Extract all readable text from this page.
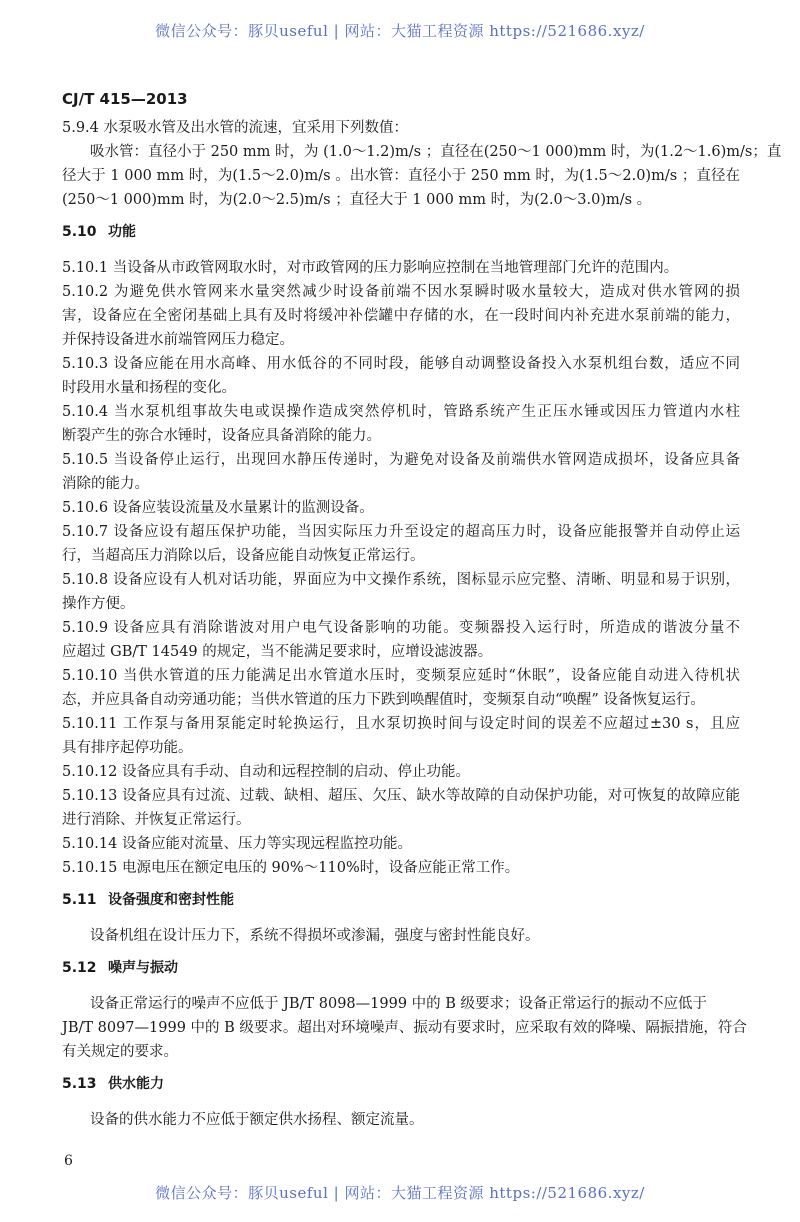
微信公众号：豚贝useful | 网站：大猫工程资源 https://521686.xyz/
CJ/T 415—2013
5.9.4 水泵吸水管及出水管的流速，宜采用下列数值：
吸水管：直径小于 250 mm 时，为 (1.0～1.2)m/s ；直径在(250～1 000)mm 时，为(1.2～1.6)m/s；直
径大于 1 000 mm 时，为(1.5～2.0)m/s 。出水管：直径小于 250 mm 时，为(1.5～2.0)m/s ；直径在
(250～1 000)mm 时，为(2.0～2.5)m/s ；直径大于 1 000 mm 时，为(2.0～3.0)m/s 。
5.10 功能
5.10.1 当设备从市政管网取水时，对市政管网的压力影响应控制在当地管理部门允许的范围内。
5.10.2 为避免供水管网来水量突然减少时设备前端不因水泵瞬时吸水量较大，造成对供水管网的损
害，设备应在全密闭基础上具有及时将缓冲补偿罐中存储的水，在一段时间内补充进水泵前端的能力，
并保持设备进水前端管网压力稳定。
5.10.3 设备应能在用水高峰、用水低谷的不同时段，能够自动调整设备投入水泵机组台数，适应不同
时段用水量和扬程的变化。
5.10.4 当水泵机组事故失电或误操作造成突然停机时，管路系统产生正压水锤或因压力管道内水柱
断裂产生的弥合水锤时，设备应具备消除的能力。
5.10.5 当设备停止运行，出现回水静压传递时，为避免对设备及前端供水管网造成损坏，设备应具备
消除的能力。
5.10.6 设备应装设流量及水量累计的监测设备。
5.10.7 设备应设有超压保护功能，当因实际压力升至设定的超高压力时，设备应能报警并自动停止运
行，当超高压力消除以后，设备应能自动恢复正常运行。
5.10.8 设备应设有人机对话功能，界面应为中文操作系统，图标显示应完整、清晰、明显和易于识别，
操作方便。
5.10.9 设备应具有消除谐波对用户电气设备影响的功能。变频器投入运行时，所造成的谐波分量不
应超过 GB/T 14549 的规定，当不能满足要求时，应增设滤波器。
5.10.10 当供水管道的压力能满足出水管道水压时，变频泵应延时“休眠”，设备应能自动进入待机状
态，并应具备自动旁通功能；当供水管道的压力下跌到唤醒值时，变频泵自动“唤醒” 设备恢复运行。
5.10.11 工作泵与备用泵能定时轮换运行，且水泵切换时间与设定时间的误差不应超过±30 s，且应
具有排序起停功能。
5.10.12 设备应具有手动、自动和远程控制的启动、停止功能。
5.10.13 设备应具有过流、过载、缺相、超压、欠压、缺水等故障的自动保护功能，对可恢复的故障应能
进行消除、并恢复正常运行。
5.10.14 设备应能对流量、压力等实现远程监控功能。
5.10.15 电源电压在额定电压的 90%～110%时，设备应能正常工作。
5.11 设备强度和密封性能
设备机组在设计压力下，系统不得损坏或渗漏，强度与密封性能良好。
5.12 噪声与振动
设备正常运行的噪声不应低于 JB/T 8098—1999 中的 B 级要求；设备正常运行的振动不应低于
JB/T 8097—1999 中的 B 级要求。超出对环境噪声、振动有要求时，应采取有效的降噪、隔振措施，符合
有关规定的要求。
5.13 供水能力
设备的供水能力不应低于额定供水扬程、额定流量。
6
微信公众号：豚贝useful | 网站：大猫工程资源 https://521686.xyz/
